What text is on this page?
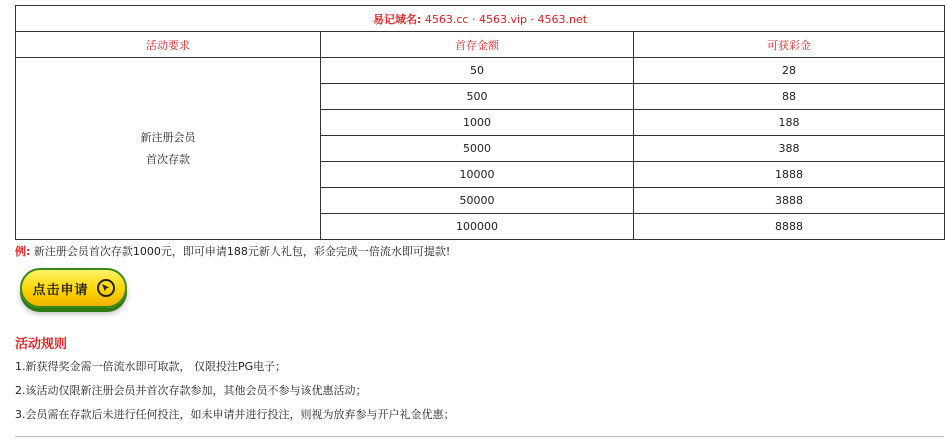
易记域名: 4563.cc · 4563.vip · 4563.net		
活动要求	首存金额	可获彩金

新注册会员
首次存款	50	28
	500	88
	1000	188
	5000	388
	10000	1888
	50000	3888
	100000	8888
例: 新注册会员首次存款1000元，即可申请188元新人礼包，彩金完成一倍流水即可提款!
点击申请
活动规则
1.新获得奖金需一倍流水即可取款， 仅限投注PG电子；
2.该活动仅限新注册会员并首次存款参加，其他会员不参与该优惠活动；
3.会员需在存款后未进行任何投注，如未申请并进行投注，则视为放弃参与开户礼金优惠；
